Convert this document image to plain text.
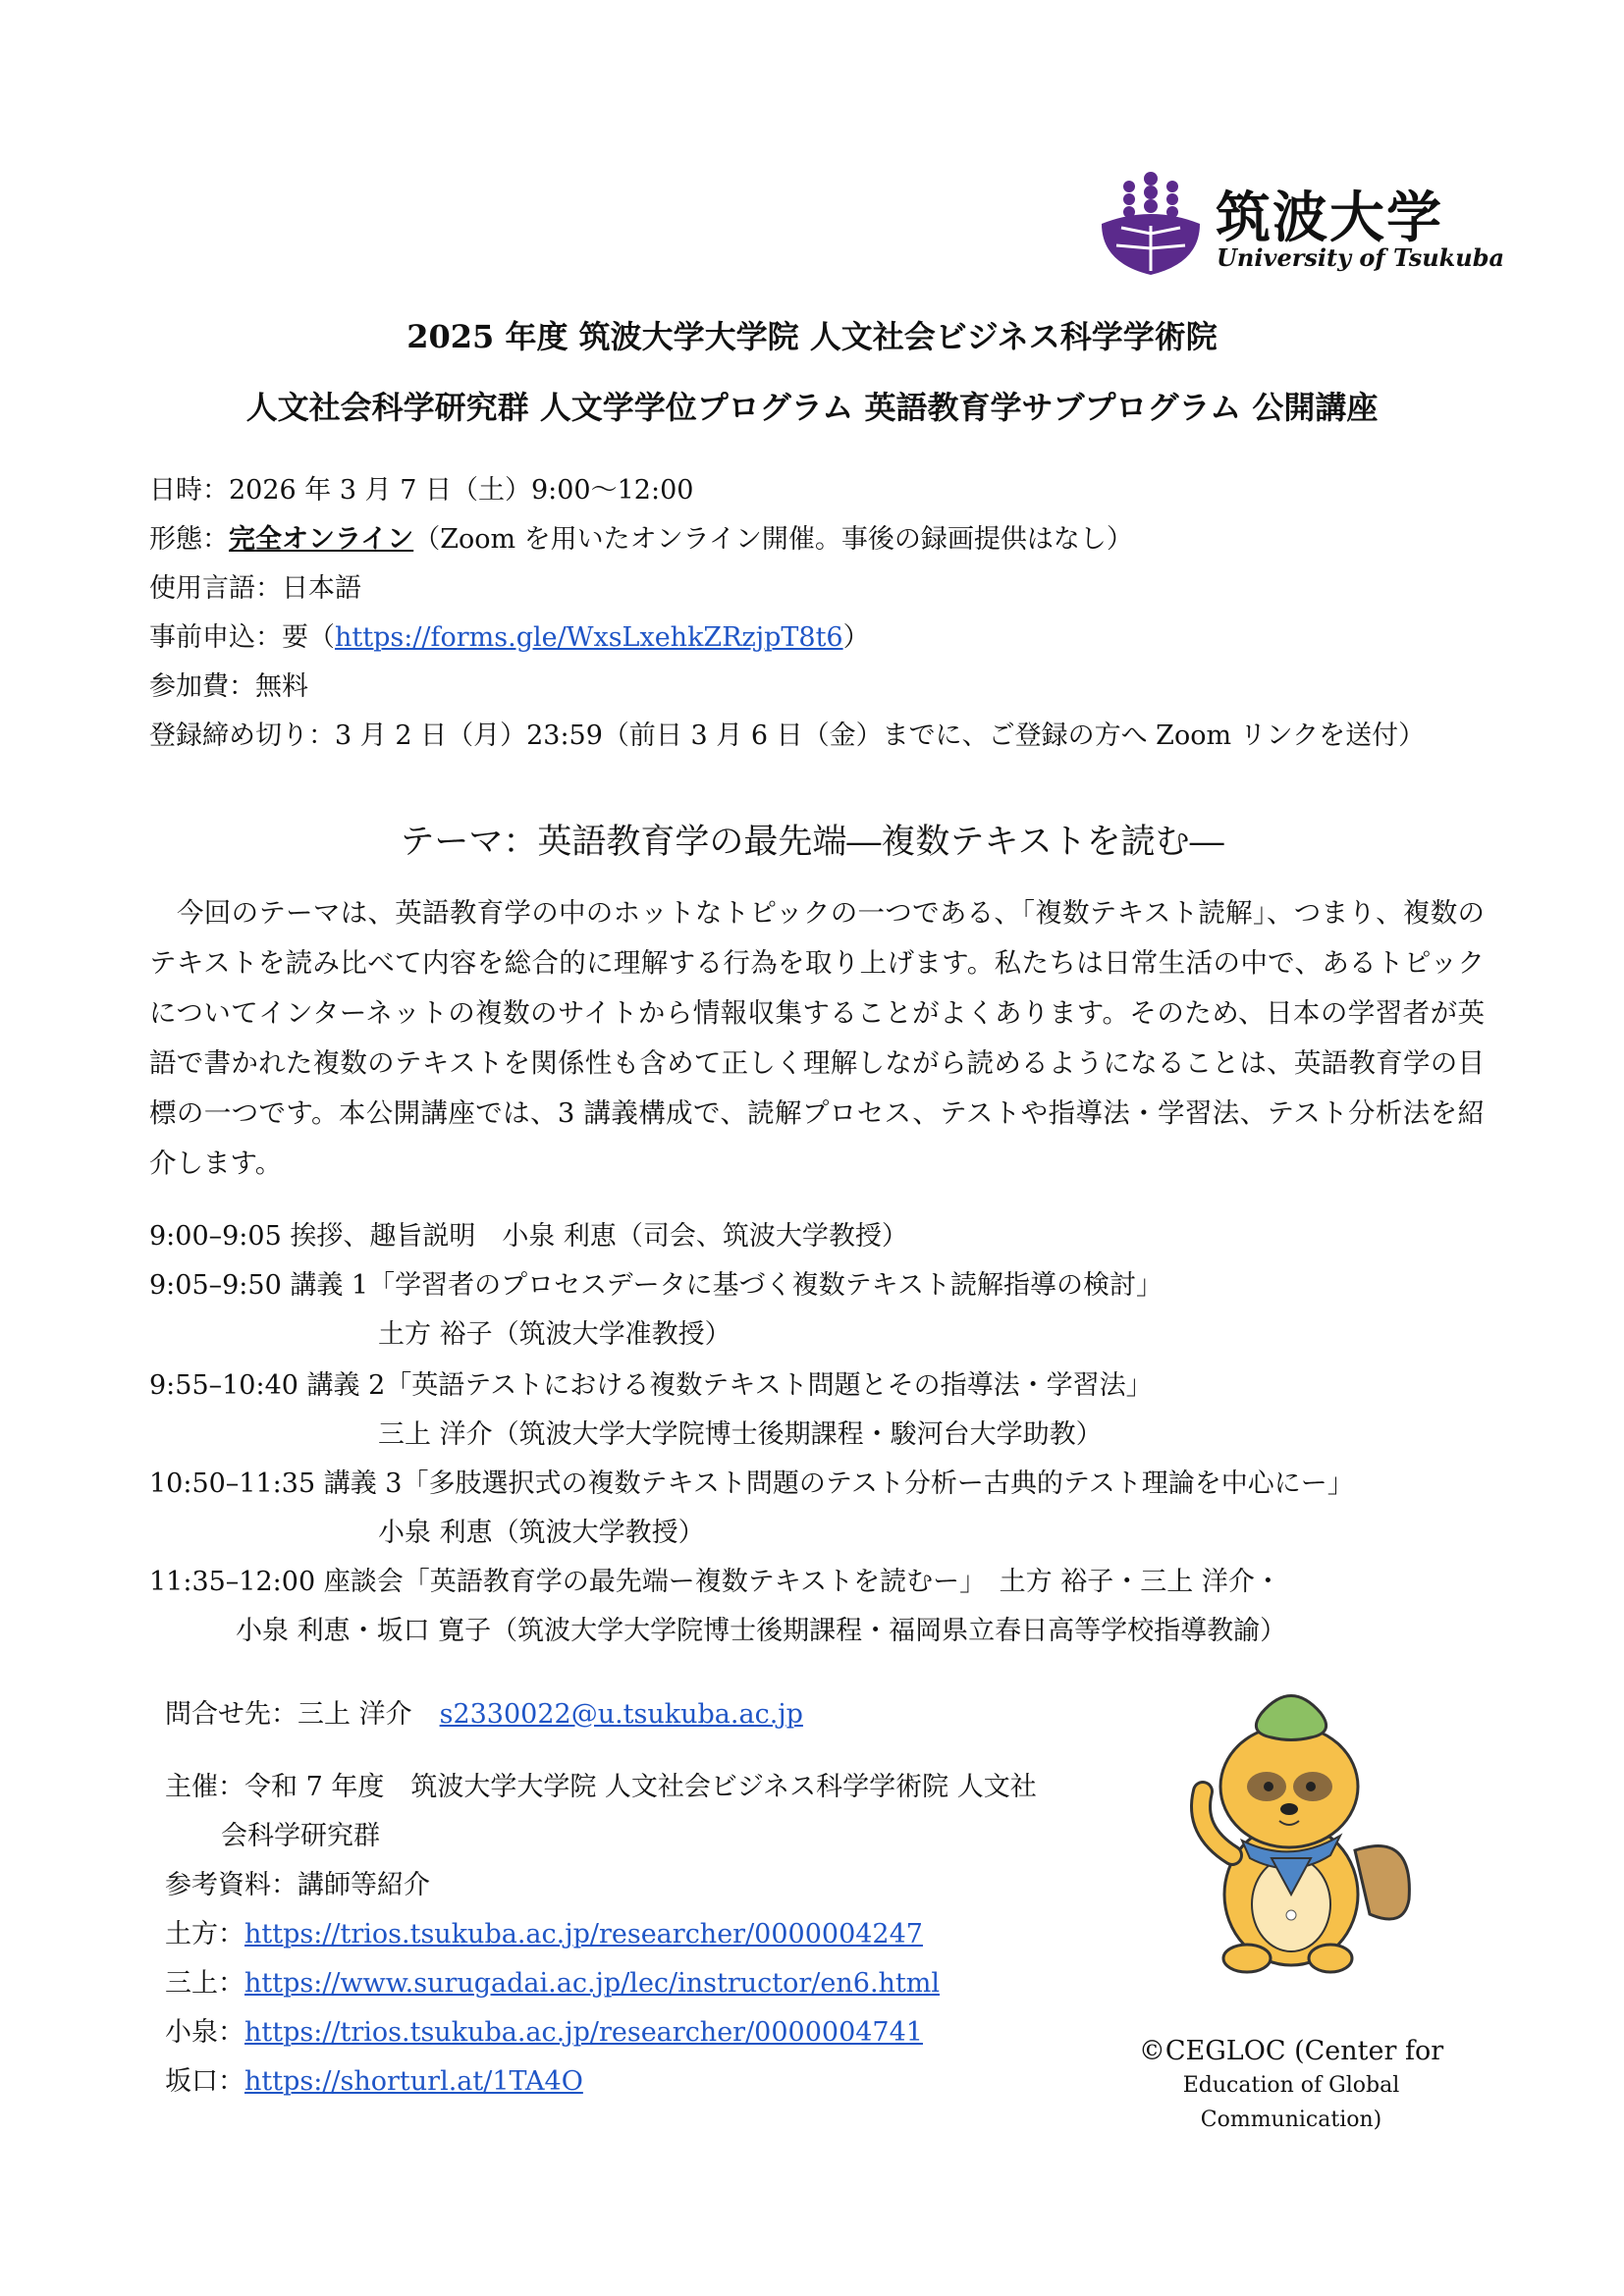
筑波大学
University of Tsukuba
2025 年度 筑波大学大学院 人文社会ビジネス科学学術院
人文社会科学研究群 人文学学位プログラム 英語教育学サブプログラム 公開講座
日時：2026 年 3 月 7 日（土）9:00～12:00
形態：完全オンライン（Zoom を用いたオンライン開催。事後の録画提供はなし）
使用言語：日本語
事前申込：要（https://forms.gle/WxsLxehkZRzjpT8t6）
参加費：無料
登録締め切り：3 月 2 日（月）23:59（前日 3 月 6 日（金）までに、ご登録の方へ Zoom リンクを送付）
テーマ：英語教育学の最先端―複数テキストを読む―
今回のテーマは、英語教育学の中のホットなトピックの一つである、「複数テキスト読解」、つまり、複数のテキストを読み比べて内容を総合的に理解する行為を取り上げます。私たちは日常生活の中で、あるトピックについてインターネットの複数のサイトから情報収集することがよくあります。そのため、日本の学習者が英語で書かれた複数のテキストを関係性も含めて正しく理解しながら読めるようになることは、英語教育学の目標の一つです。本公開講座では、3 講義構成で、読解プロセス、テストや指導法・学習法、テスト分析法を紹介します。
9:00–9:05 挨拶、趣旨説明　小泉 利恵（司会、筑波大学教授）
9:05–9:50 講義 1「学習者のプロセスデータに基づく複数テキスト読解指導の検討」
土方 裕子（筑波大学准教授）
9:55–10:40 講義 2「英語テストにおける複数テキスト問題とその指導法・学習法」
三上 洋介（筑波大学大学院博士後期課程・駿河台大学助教）
10:50–11:35 講義 3「多肢選択式の複数テキスト問題のテスト分析ー古典的テスト理論を中心にー」
小泉 利恵（筑波大学教授）
11:35–12:00 座談会「英語教育学の最先端ー複数テキストを読むー」　土方 裕子・三上 洋介・
小泉 利恵・坂口 寛子（筑波大学大学院博士後期課程・福岡県立春日高等学校指導教諭）
問合せ先：三上 洋介 s2330022@u.tsukuba.ac.jp
主催：令和 7 年度　筑波大学大学院 人文社会ビジネス科学学術院 人文社
会科学研究群
参考資料：講師等紹介
土方：https://trios.tsukuba.ac.jp/researcher/0000004247
三上：https://www.surugadai.ac.jp/lec/instructor/en6.html
小泉：https://trios.tsukuba.ac.jp/researcher/0000004741
坂口：https://shorturl.at/1TA4O
©CEGLOC (Center for
Education of Global
Communication)
